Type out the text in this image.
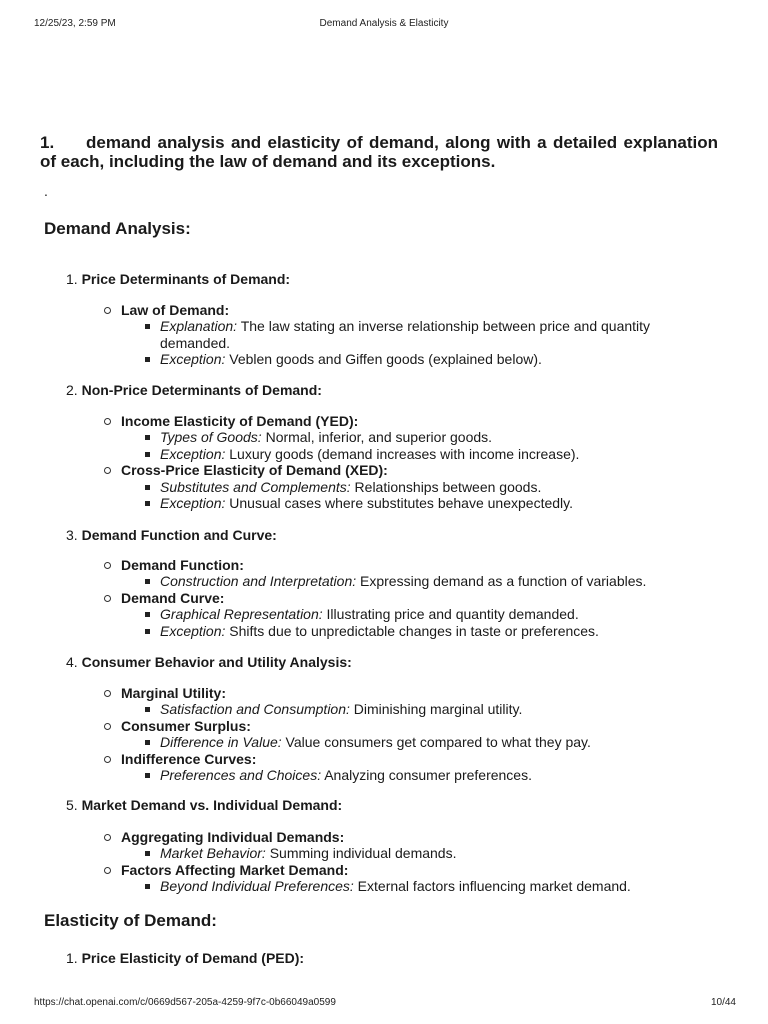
12/25/23, 2:59 PM	Demand Analysis & Elasticity
1. demand analysis and elasticity of demand, along with a detailed explanation of each, including the law of demand and its exceptions.
.
Demand Analysis:
1. Price Determinants of Demand:
Law of Demand:
Explanation: The law stating an inverse relationship between price and quantity demanded.
Exception: Veblen goods and Giffen goods (explained below).
2. Non-Price Determinants of Demand:
Income Elasticity of Demand (YED):
Types of Goods: Normal, inferior, and superior goods.
Exception: Luxury goods (demand increases with income increase).
Cross-Price Elasticity of Demand (XED):
Substitutes and Complements: Relationships between goods.
Exception: Unusual cases where substitutes behave unexpectedly.
3. Demand Function and Curve:
Demand Function:
Construction and Interpretation: Expressing demand as a function of variables.
Demand Curve:
Graphical Representation: Illustrating price and quantity demanded.
Exception: Shifts due to unpredictable changes in taste or preferences.
4. Consumer Behavior and Utility Analysis:
Marginal Utility:
Satisfaction and Consumption: Diminishing marginal utility.
Consumer Surplus:
Difference in Value: Value consumers get compared to what they pay.
Indifference Curves:
Preferences and Choices: Analyzing consumer preferences.
5. Market Demand vs. Individual Demand:
Aggregating Individual Demands:
Market Behavior: Summing individual demands.
Factors Affecting Market Demand:
Beyond Individual Preferences: External factors influencing market demand.
Elasticity of Demand:
1. Price Elasticity of Demand (PED):
https://chat.openai.com/c/0669d567-205a-4259-9f7c-0b66049a0599	10/44
